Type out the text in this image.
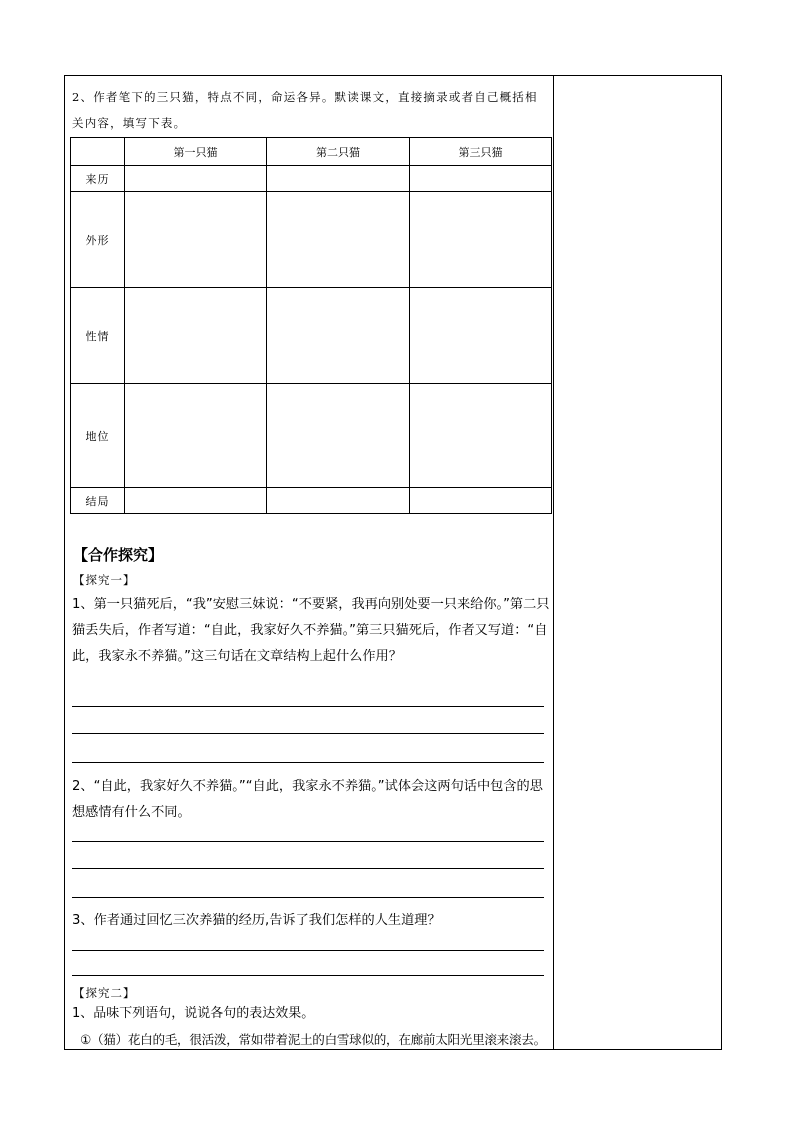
2、作者笔下的三只猫，特点不同，命运各异。默读课文，直接摘录或者自己概括相关内容，填写下表。
	第一只猫	第二只猫	第三只猫
来历			
外形			
性情			
地位			
结局			
【合作探究】
【探究一】
1、第一只猫死后，“我”安慰三妹说：“不要紧，我再向别处要一只来给你。”第二只猫丢失后，作者写道：“自此，我家好久不养猫。”第三只猫死后，作者又写道：“自此，我家永不养猫。”这三句话在文章结构上起什么作用？
2、“自此，我家好久不养猫。”“自此，我家永不养猫。”试体会这两句话中包含的思想感情有什么不同。
3、作者通过回忆三次养猫的经历,告诉了我们怎样的人生道理？
【探究二】
1、品味下列语句，说说各句的表达效果。
①（猫）花白的毛，很活泼，常如带着泥土的白雪球似的，在廊前太阳光里滚来滚去。
